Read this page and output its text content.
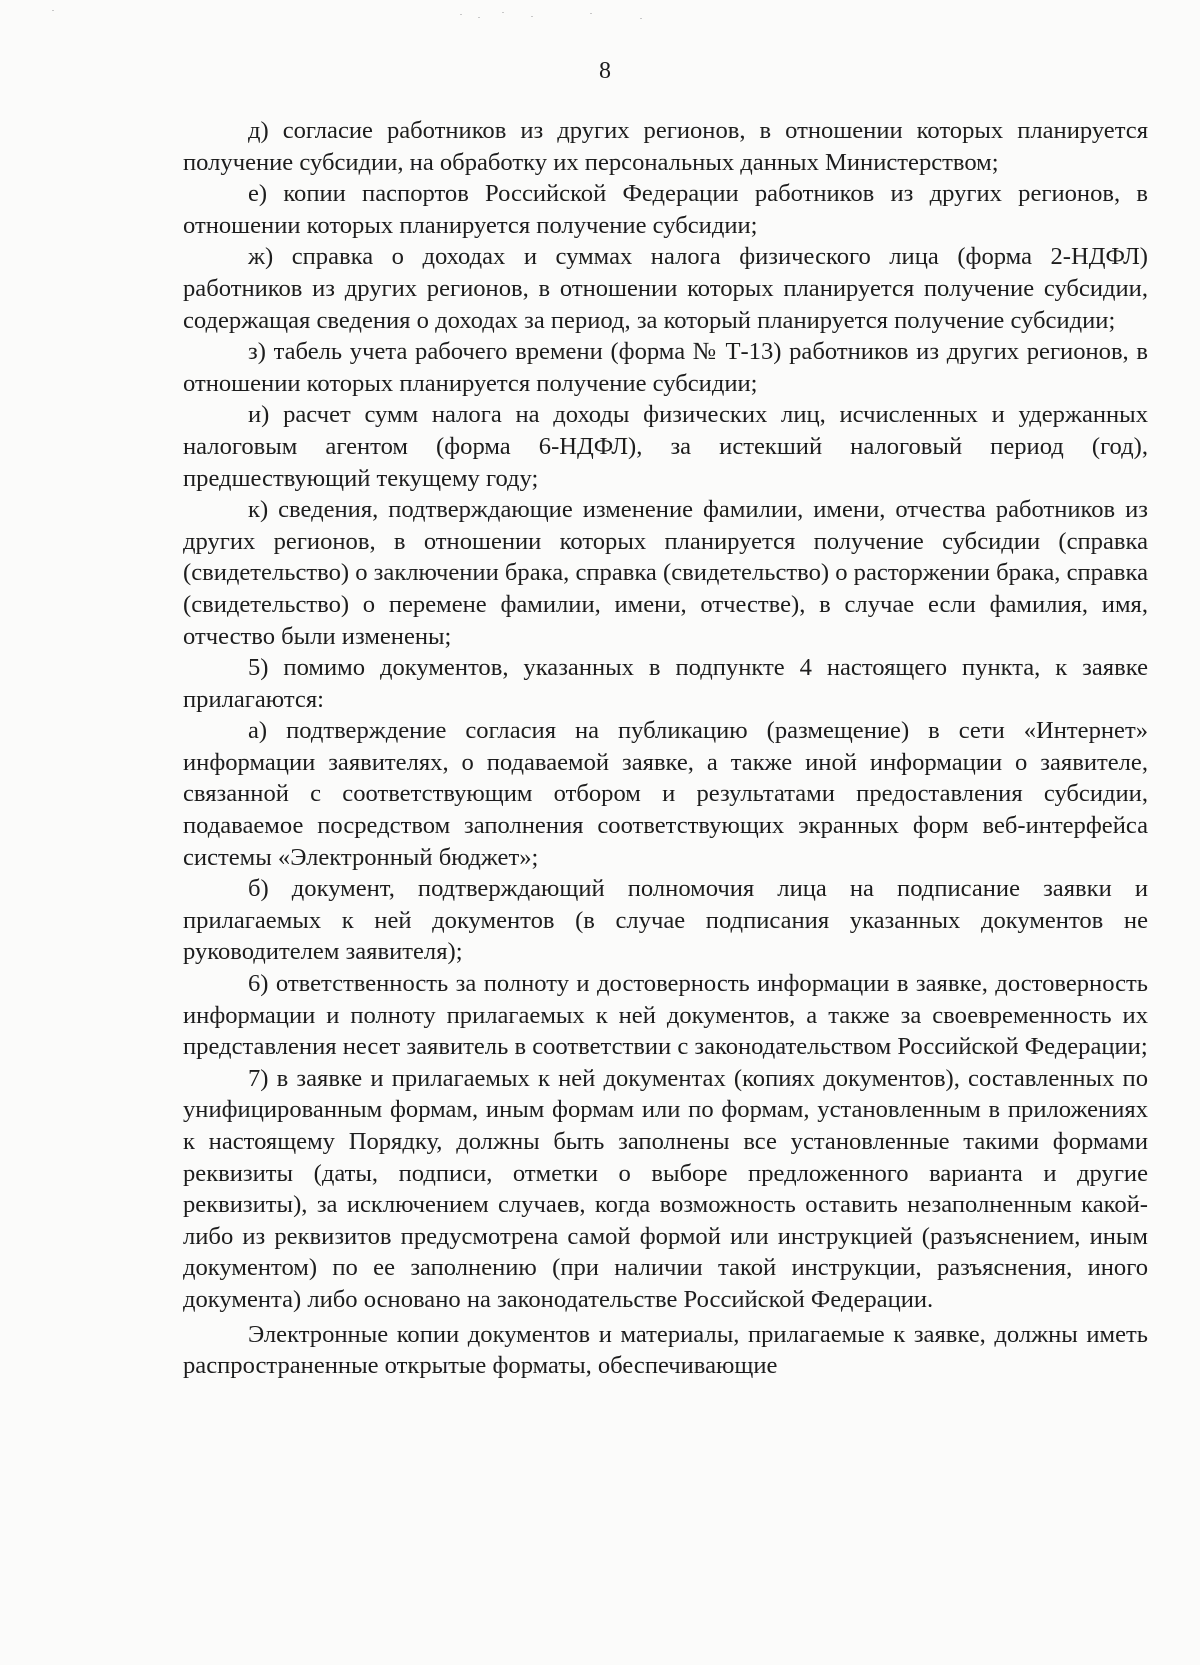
8

д) согласие работников из других регионов, в отношении которых планируется получение субсидии, на обработку их персональных данных Министерством;

е) копии паспортов Российской Федерации работников из других регионов, в отношении которых планируется получение субсидии;

ж) справка о доходах и суммах налога физического лица (форма 2-НДФЛ) работников из других регионов, в отношении которых планируется получение субсидии, содержащая сведения о доходах за период, за который планируется получение субсидии;

з) табель учета рабочего времени (форма № Т-13) работников из других регионов, в отношении которых планируется получение субсидии;

и) расчет сумм налога на доходы физических лиц, исчисленных и удержанных налоговым агентом (форма 6-НДФЛ), за истекший налоговый период (год), предшествующий текущему году;

к) сведения, подтверждающие изменение фамилии, имени, отчества работников из других регионов, в отношении которых планируется получение субсидии (справка (свидетельство) о заключении брака, справка (свидетельство) о расторжении брака, справка (свидетельство) о перемене фамилии, имени, отчестве), в случае если фамилия, имя, отчество были изменены;

5) помимо документов, указанных в подпункте 4 настоящего пункта, к заявке прилагаются:

а) подтверждение согласия на публикацию (размещение) в сети «Интернет» информации заявителях, о подаваемой заявке, а также иной информации о заявителе, связанной с соответствующим отбором и результатами предоставления субсидии, подаваемое посредством заполнения соответствующих экранных форм веб-интерфейса системы «Электронный бюджет»;

б) документ, подтверждающий полномочия лица на подписание заявки и прилагаемых к ней документов (в случае подписания указанных документов не руководителем заявителя);

6) ответственность за полноту и достоверность информации в заявке, достоверность информации и полноту прилагаемых к ней документов, а также за своевременность их представления несет заявитель в соответствии с законодательством Российской Федерации;

7) в заявке и прилагаемых к ней документах (копиях документов), составленных по унифицированным формам, иным формам или по формам, установленным в приложениях к настоящему Порядку, должны быть заполнены все установленные такими формами реквизиты (даты, подписи, отметки о выборе предложенного варианта и другие реквизиты), за исключением случаев, когда возможность оставить незаполненным какой-либо из реквизитов предусмотрена самой формой или инструкцией (разъяснением, иным документом) по ее заполнению (при наличии такой инструкции, разъяснения, иного документа) либо основано на законодательстве Российской Федерации.

Электронные копии документов и материалы, прилагаемые к заявке, должны иметь распространенные открытые форматы, обеспечивающие
